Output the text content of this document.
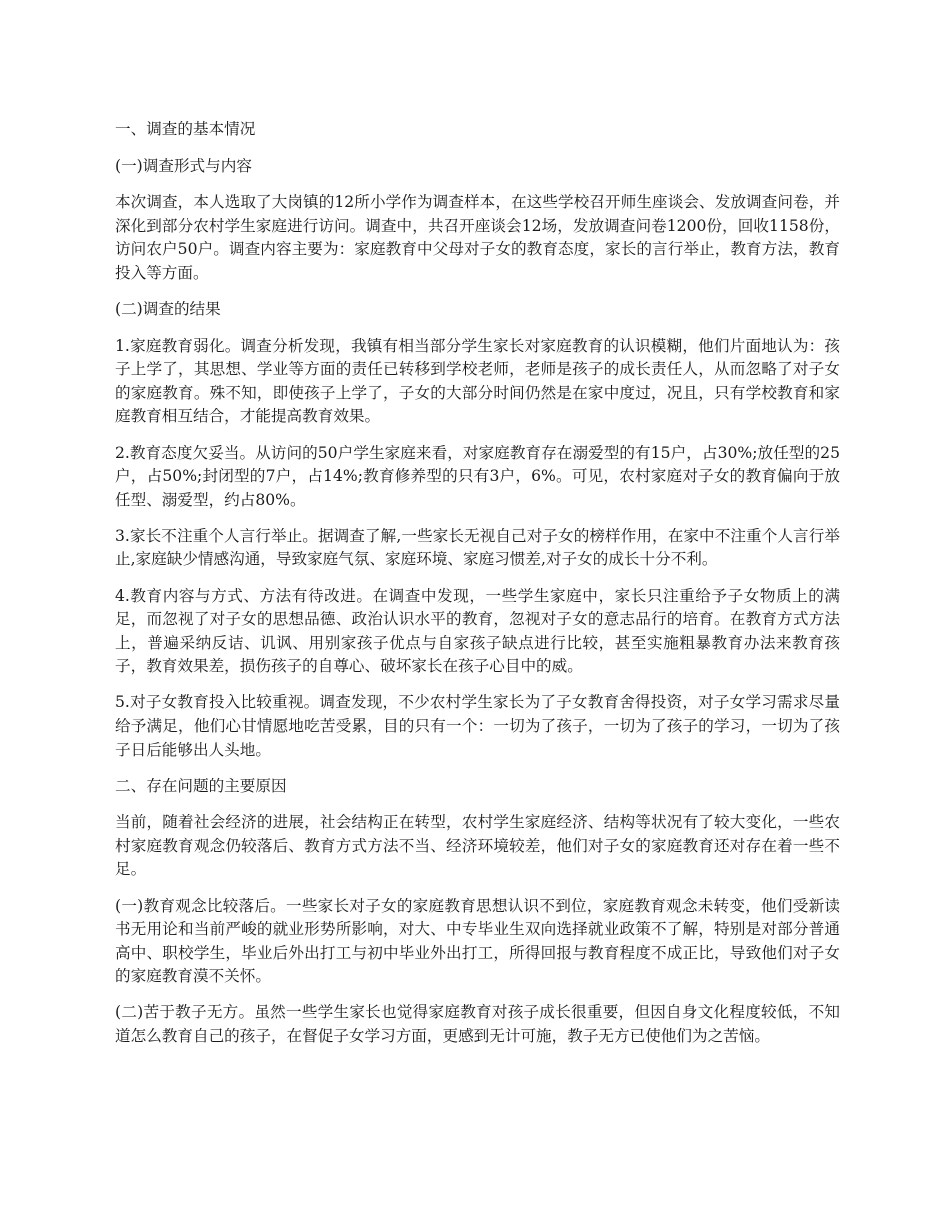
一、调查的基本情况

(一)调查形式与内容

本次调查，本人选取了大岗镇的12所小学作为调查样本，在这些学校召开师生座谈会、发放调查问卷，并深化到部分农村学生家庭进行访问。调查中，共召开座谈会12场，发放调查问卷1200份，回收1158份，访问农户50户。调查内容主要为：家庭教育中父母对子女的教育态度，家长的言行举止，教育方法，教育投入等方面。

(二)调查的结果

1.家庭教育弱化。调查分析发现，我镇有相当部分学生家长对家庭教育的认识模糊，他们片面地认为：孩子上学了，其思想、学业等方面的责任已转移到学校老师，老师是孩子的成长责任人，从而忽略了对子女的家庭教育。殊不知，即使孩子上学了，子女的大部分时间仍然是在家中度过，况且，只有学校教育和家庭教育相互结合，才能提高教育效果。

2.教育态度欠妥当。从访问的50户学生家庭来看，对家庭教育存在溺爱型的有15户，占30%;放任型的25户，占50%;封闭型的7户，占14%;教育修养型的只有3户，6%。可见，农村家庭对子女的教育偏向于放任型、溺爱型，约占80%。

3.家长不注重个人言行举止。据调查了解,一些家长无视自己对子女的榜样作用，在家中不注重个人言行举止,家庭缺少情感沟通，导致家庭气氛、家庭环境、家庭习惯差,对子女的成长十分不利。

4.教育内容与方式、方法有待改进。在调查中发现，一些学生家庭中，家长只注重给予子女物质上的满足，而忽视了对子女的思想品德、政治认识水平的教育，忽视对子女的意志品行的培育。在教育方式方法上，普遍采纳反诘、讥讽、用别家孩子优点与自家孩子缺点进行比较，甚至实施粗暴教育办法来教育孩子，教育效果差，损伤孩子的自尊心、破坏家长在孩子心目中的威。

5.对子女教育投入比较重视。调查发现，不少农村学生家长为了子女教育舍得投资，对子女学习需求尽量给予满足，他们心甘情愿地吃苦受累，目的只有一个：一切为了孩子，一切为了孩子的学习，一切为了孩子日后能够出人头地。

二、存在问题的主要原因

当前，随着社会经济的进展，社会结构正在转型，农村学生家庭经济、结构等状况有了较大变化，一些农村家庭教育观念仍较落后、教育方式方法不当、经济环境较差，他们对子女的家庭教育还对存在着一些不足。

(一)教育观念比较落后。一些家长对子女的家庭教育思想认识不到位，家庭教育观念未转变，他们受新读书无用论和当前严峻的就业形势所影响，对大、中专毕业生双向选择就业政策不了解，特别是对部分普通高中、职校学生，毕业后外出打工与初中毕业外出打工，所得回报与教育程度不成正比，导致他们对子女的家庭教育漠不关怀。

(二)苦于教子无方。虽然一些学生家长也觉得家庭教育对孩子成长很重要，但因自身文化程度较低，不知道怎么教育自己的孩子，在督促子女学习方面，更感到无计可施，教子无方已使他们为之苦恼。
